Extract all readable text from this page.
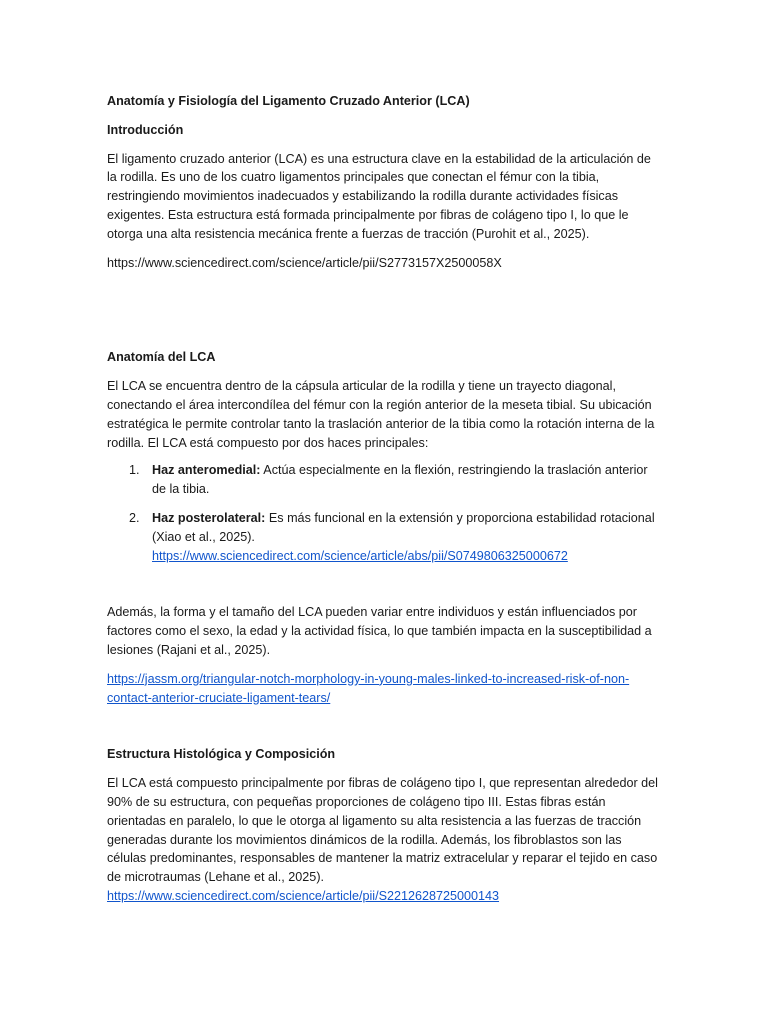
Anatomía y Fisiología del Ligamento Cruzado Anterior (LCA)

Introducción

El ligamento cruzado anterior (LCA) es una estructura clave en la estabilidad de la articulación de la rodilla. Es uno de los cuatro ligamentos principales que conectan el fémur con la tibia, restringiendo movimientos inadecuados y estabilizando la rodilla durante actividades físicas exigentes. Esta estructura está formada principalmente por fibras de colágeno tipo I, lo que le otorga una alta resistencia mecánica frente a fuerzas de tracción (Purohit et al., 2025).

https://www.sciencedirect.com/science/article/pii/S2773157X2500058X

Anatomía del LCA

El LCA se encuentra dentro de la cápsula articular de la rodilla y tiene un trayecto diagonal, conectando el área intercondílea del fémur con la región anterior de la meseta tibial. Su ubicación estratégica le permite controlar tanto la traslación anterior de la tibia como la rotación interna de la rodilla. El LCA está compuesto por dos haces principales:

1. Haz anteromedial: Actúa especialmente en la flexión, restringiendo la traslación anterior de la tibia.
2. Haz posterolateral: Es más funcional en la extensión y proporciona estabilidad rotacional (Xiao et al., 2025).
https://www.sciencedirect.com/science/article/abs/pii/S0749806325000672

Además, la forma y el tamaño del LCA pueden variar entre individuos y están influenciados por factores como el sexo, la edad y la actividad física, lo que también impacta en la susceptibilidad a lesiones (Rajani et al., 2025).

https://jassm.org/triangular-notch-morphology-in-young-males-linked-to-increased-risk-of-non-contact-anterior-cruciate-ligament-tears/

Estructura Histológica y Composición

El LCA está compuesto principalmente por fibras de colágeno tipo I, que representan alrededor del 90% de su estructura, con pequeñas proporciones de colágeno tipo III. Estas fibras están orientadas en paralelo, lo que le otorga al ligamento su alta resistencia a las fuerzas de tracción generadas durante los movimientos dinámicos de la rodilla. Además, los fibroblastos son las células predominantes, responsables de mantener la matriz extracelular y reparar el tejido en caso de microtraumas (Lehane et al., 2025).

https://www.sciencedirect.com/science/article/pii/S2212628725000143
